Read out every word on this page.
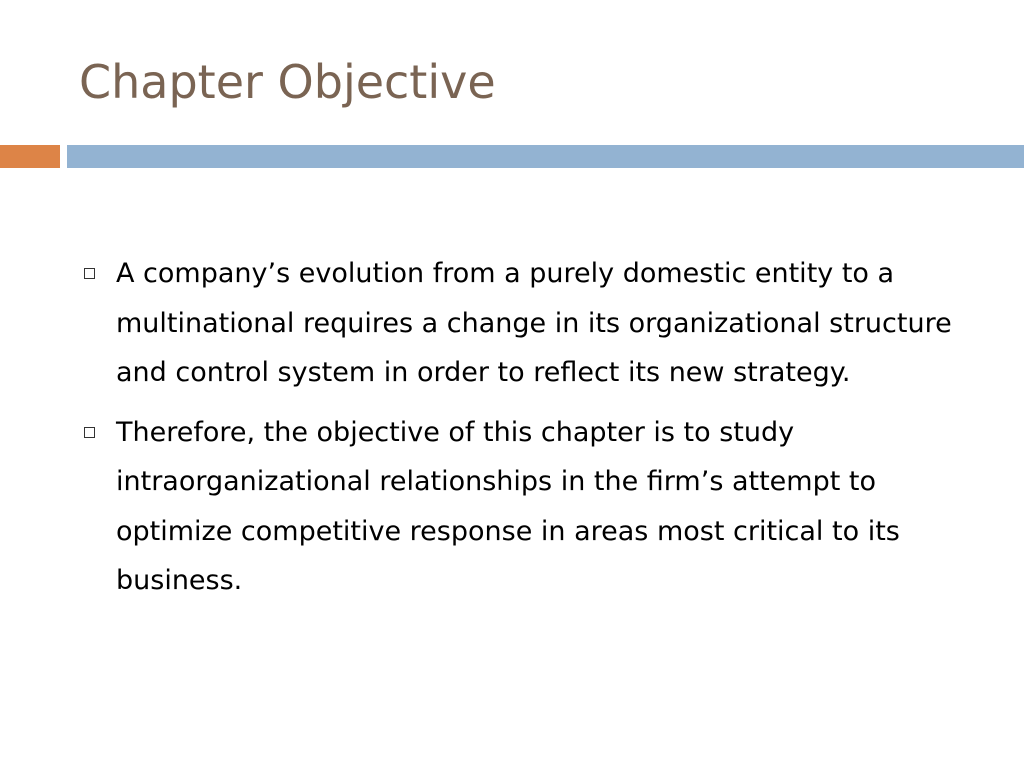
Chapter Objective
A company’s evolution from a purely domestic entity to a multinational requires a change in its organizational structure and control system in order to reflect its new strategy.
Therefore, the objective of this chapter is to study intraorganizational relationships in the firm’s attempt to optimize competitive response in areas most critical to its business.
